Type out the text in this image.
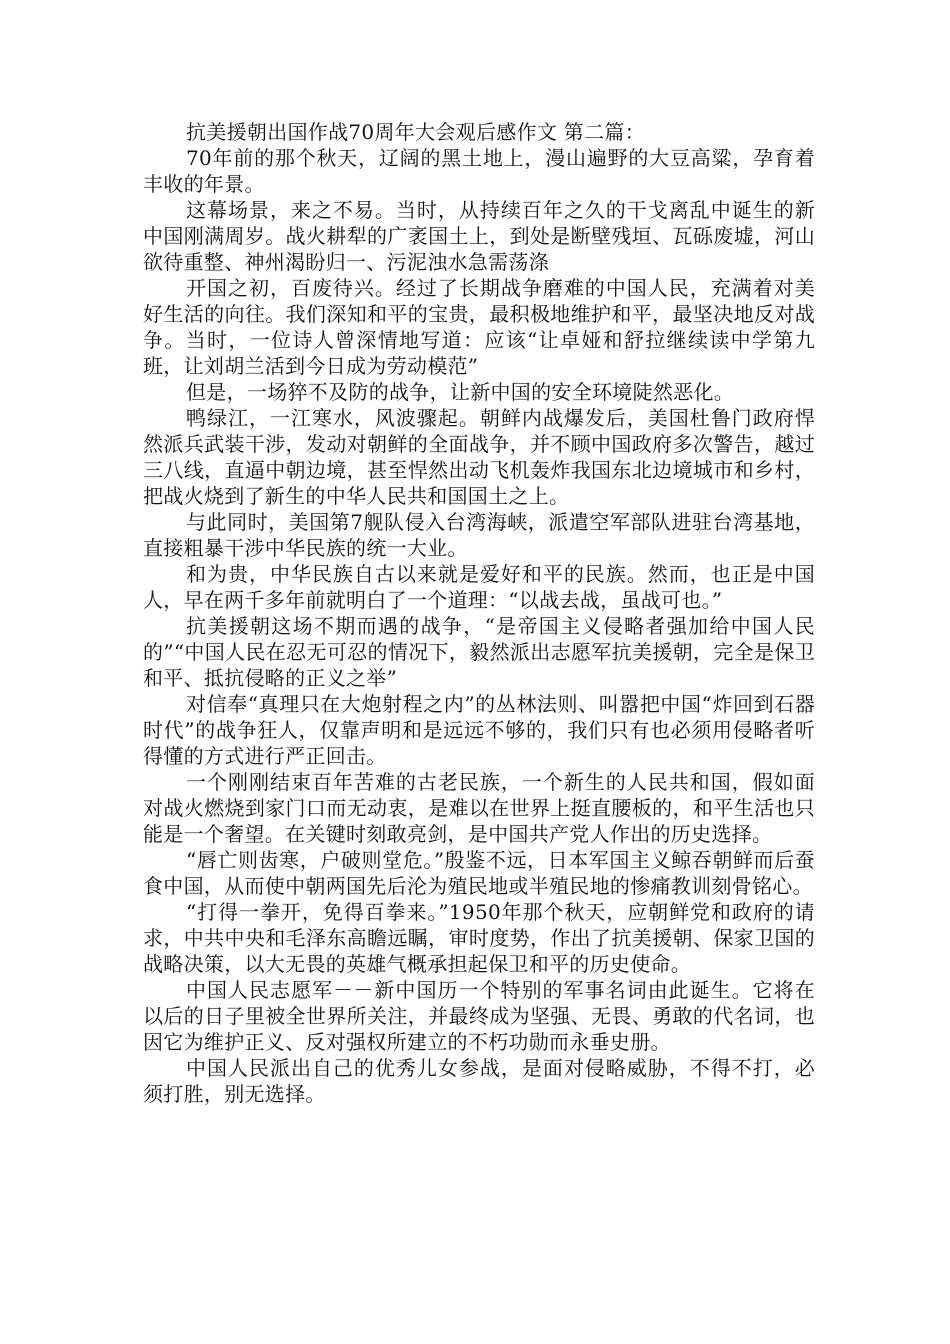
抗美援朝出国作战70周年大会观后感作文 第二篇：

70年前的那个秋天，辽阔的黑土地上，漫山遍野的大豆高粱，孕育着丰收的年景。

这幕场景，来之不易。当时，从持续百年之久的干戈离乱中诞生的新中国刚满周岁。战火耕犁的广袤国土上，到处是断壁残垣、瓦砾废墟，河山欲待重整、神州渴盼归一、污泥浊水急需荡涤

开国之初，百废待兴。经过了长期战争磨难的中国人民，充满着对美好生活的向往。我们深知和平的宝贵，最积极地维护和平，最坚决地反对战争。当时，一位诗人曾深情地写道：应该“让卓娅和舒拉继续读中学第九班，让刘胡兰活到今日成为劳动模范”

但是，一场猝不及防的战争，让新中国的安全环境陡然恶化。

鸭绿江，一江寒水，风波骤起。朝鲜内战爆发后，美国杜鲁门政府悍然派兵武装干涉，发动对朝鲜的全面战争，并不顾中国政府多次警告，越过三八线，直逼中朝边境，甚至悍然出动飞机轰炸我国东北边境城市和乡村，把战火烧到了新生的中华人民共和国国土之上。

与此同时，美国第7舰队侵入台湾海峡，派遣空军部队进驻台湾基地，直接粗暴干涉中华民族的统一大业。

和为贵，中华民族自古以来就是爱好和平的民族。然而，也正是中国人，早在两千多年前就明白了一个道理：“以战去战，虽战可也。”

抗美援朝这场不期而遇的战争，“是帝国主义侵略者强加给中国人民的”“中国人民在忍无可忍的情况下，毅然派出志愿军抗美援朝，完全是保卫和平、抵抗侵略的正义之举”

对信奉“真理只在大炮射程之内”的丛林法则、叫嚣把中国“炸回到石器时代”的战争狂人，仅靠声明和是远远不够的，我们只有也必须用侵略者听得懂的方式进行严正回击。

一个刚刚结束百年苦难的古老民族，一个新生的人民共和国，假如面对战火燃烧到家门口而无动衷，是难以在世界上挺直腰板的，和平生活也只能是一个奢望。在关键时刻敢亮剑，是中国共产党人作出的历史选择。

“唇亡则齿寒，户破则堂危。”殷鉴不远，日本军国主义鲸吞朝鲜而后蚕食中国，从而使中朝两国先后沦为殖民地或半殖民地的惨痛教训刻骨铭心。

“打得一拳开，免得百拳来。”1950年那个秋天，应朝鲜党和政府的请求，中共中央和毛泽东高瞻远瞩，审时度势，作出了抗美援朝、保家卫国的战略决策，以大无畏的英雄气概承担起保卫和平的历史使命。

中国人民志愿军－－新中国历一个特别的军事名词由此诞生。它将在以后的日子里被全世界所关注，并最终成为坚强、无畏、勇敢的代名词，也因它为维护正义、反对强权所建立的不朽功勋而永垂史册。

中国人民派出自己的优秀儿女参战，是面对侵略威胁，不得不打，必须打胜，别无选择。
